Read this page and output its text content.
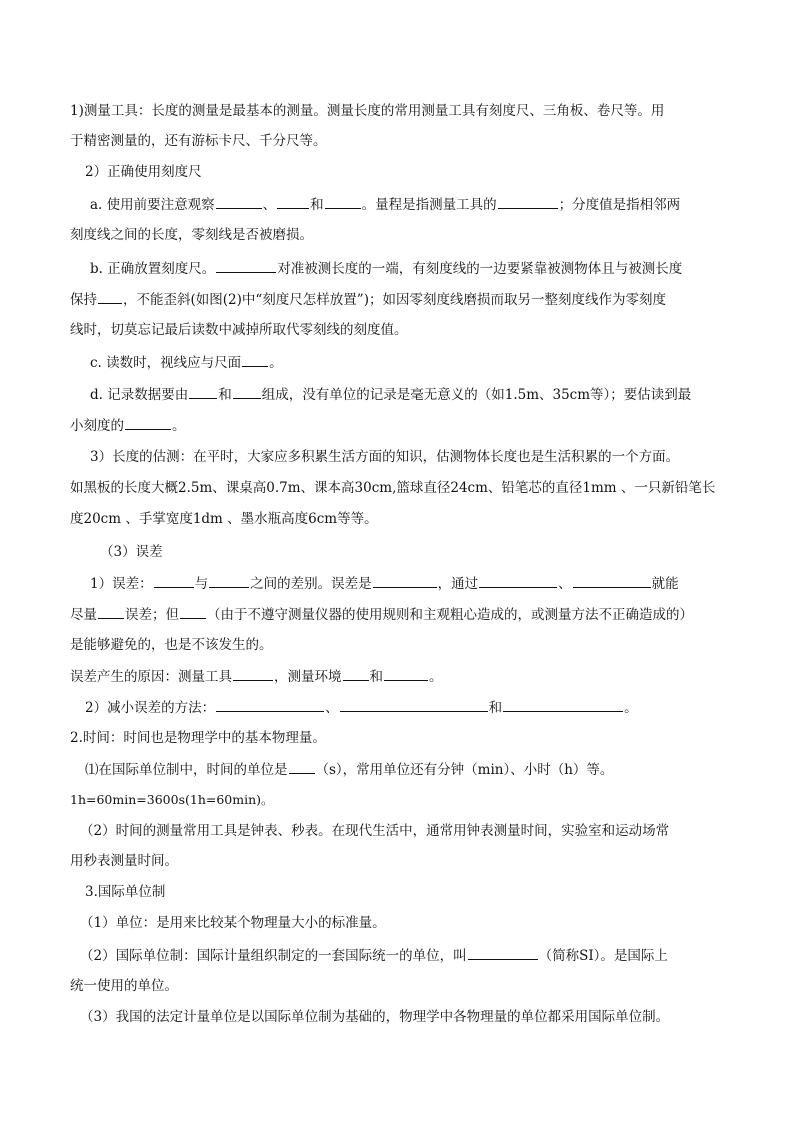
1)测量工具：长度的测量是最基本的测量。测量长度的常用测量工具有刻度尺、三角板、卷尺等。用
于精密测量的，还有游标卡尺、千分尺等。
2）正确使用刻度尺
a. 使用前要注意观察	、	和	。量程是指测量工具的	；分度值是指相邻两
刻度线之间的长度，零刻线是否被磨损。
b. 正确放置刻度尺。	对准被测长度的一端，有刻度线的一边要紧靠被测物体且与被测长度
保持 ，不能歪斜(如图(2)中“刻度尺怎样放置”)；如因零刻度线磨损而取另一整刻度线作为零刻度
线时，切莫忘记最后读数中减掉所取代零刻线的刻度值。
c. 读数时，视线应与尺面 。
d. 记录数据要由 和 组成，没有单位的记录是毫无意义的（如1.5m、35cm等）；要估读到最
小刻度的	。
3）长度的估测：在平时，大家应多积累生活方面的知识，估测物体长度也是生活积累的一个方面。
如黑板的长度大概2.5m、课桌高0.7m、课本高30cm,篮球直径24cm、铅笔芯的直径1mm 、一只新铅笔长
度20cm 、手掌宽度1dm 、墨水瓶高度6cm等等。
（3）误差
1）误差：	与	之间的差别。误差是	，通过	、	就能
尽量 误差；但 （由于不遵守测量仪器的使用规则和主观粗心造成的，或测量方法不正确造成的）
是能够避免的，也是不该发生的。
误差产生的原因：测量工具	，测量环境 和	。
2）减小误差的方法：	、	和	。
2.时间：时间也是物理学中的基本物理量。
⑴在国际单位制中，时间的单位是 （s），常用单位还有分钟（min）、小时（h）等。
1h=60min=3600s(1h=60min)。
（2）时间的测量常用工具是钟表、秒表。在现代生活中，通常用钟表测量时间，实验室和运动场常
用秒表测量时间。
3.国际单位制
（1）单位：是用来比较某个物理量大小的标准量。
（2）国际单位制：国际计量组织制定的一套国际统一的单位，叫	（简称SI）。是国际上
统一使用的单位。
（3）我国的法定计量单位是以国际单位制为基础的，物理学中各物理量的单位都采用国际单位制。
